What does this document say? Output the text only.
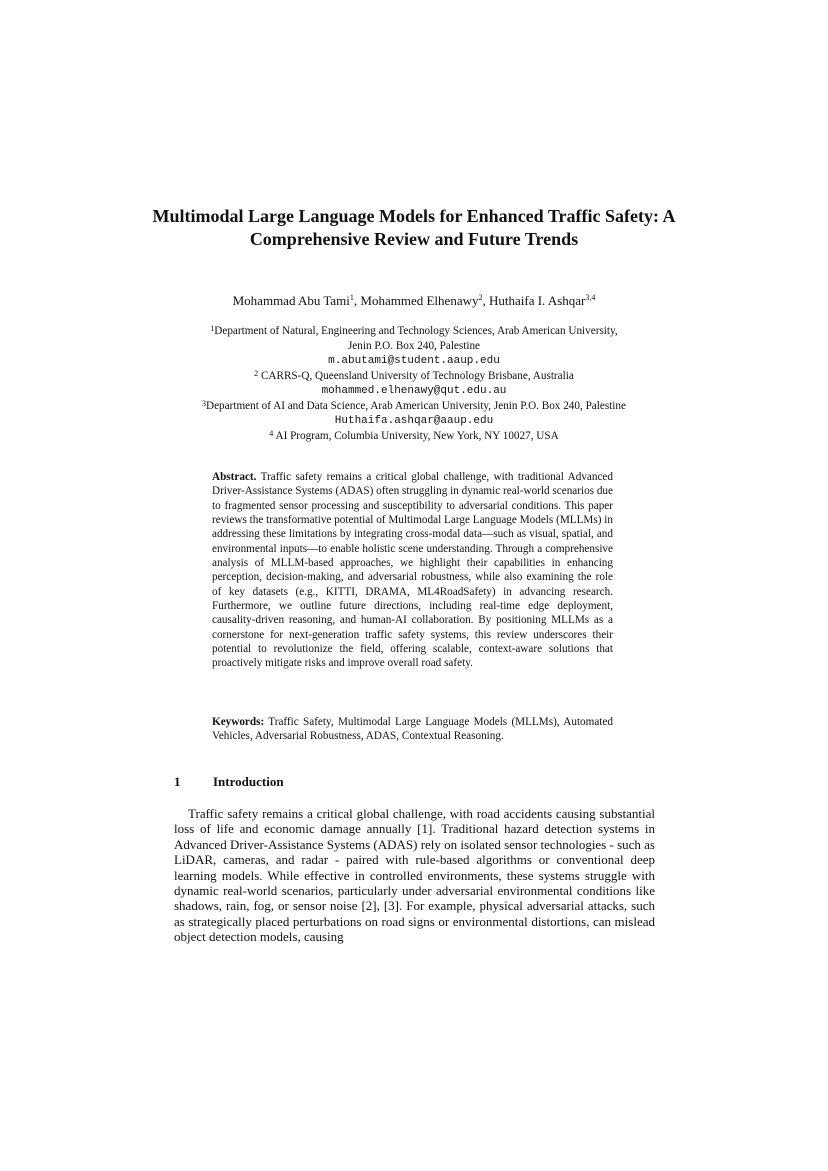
Multimodal Large Language Models for Enhanced Traffic Safety: A Comprehensive Review and Future Trends
Mohammad Abu Tami$^1$, Mohammed Elhenawy$^2$, Huthaifa I. Ashqar$^{3,4}$
$^1$Department of Natural, Engineering and Technology Sciences, Arab American University,
Jenin P.O. Box 240, Palestine
m.abutami@student.aaup.edu
$^2$ CARRS-Q, Queensland University of Technology Brisbane, Australia
mohammed.elhenawy@qut.edu.au
$^3$Department of AI and Data Science, Arab American University, Jenin P.O. Box 240, Palestine
Huthaifa.ashqar@aaup.edu
$^4$ AI Program, Columbia University, New York, NY 10027, USA
Abstract. Traffic safety remains a critical global challenge, with traditional Advanced Driver-Assistance Systems (ADAS) often struggling in dynamic real-world scenarios due to fragmented sensor processing and susceptibility to adversarial conditions. This paper reviews the transformative potential of Multimodal Large Language Models (MLLMs) in addressing these limitations by integrating cross-modal data—such as visual, spatial, and environmental inputs—to enable holistic scene understanding. Through a comprehensive analysis of MLLM-based approaches, we highlight their capabilities in enhancing perception, decision-making, and adversarial robustness, while also examining the role of key datasets (e.g., KITTI, DRAMA, ML4RoadSafety) in advancing research. Furthermore, we outline future directions, including real-time edge deployment, causality-driven reasoning, and human-AI collaboration. By positioning MLLMs as a cornerstone for next-generation traffic safety systems, this review underscores their potential to revolutionize the field, offering scalable, context-aware solutions that proactively mitigate risks and improve overall road safety.
Keywords: Traffic Safety, Multimodal Large Language Models (MLLMs), Automated Vehicles, Adversarial Robustness, ADAS, Contextual Reasoning.
1	Introduction

Traffic safety remains a critical global challenge, with road accidents causing substantial loss of life and economic damage annually [1]. Traditional hazard detection systems in Advanced Driver-Assistance Systems (ADAS) rely on isolated sensor technologies - such as LiDAR, cameras, and radar - paired with rule-based algorithms or conventional deep learning models. While effective in controlled environments, these systems struggle with dynamic real-world scenarios, particularly under adversarial environmental conditions like shadows, rain, fog, or sensor noise [2], [3]. For example, physical adversarial attacks, such as strategically placed perturbations on road signs or environmental distortions, can mislead object detection models, causing
